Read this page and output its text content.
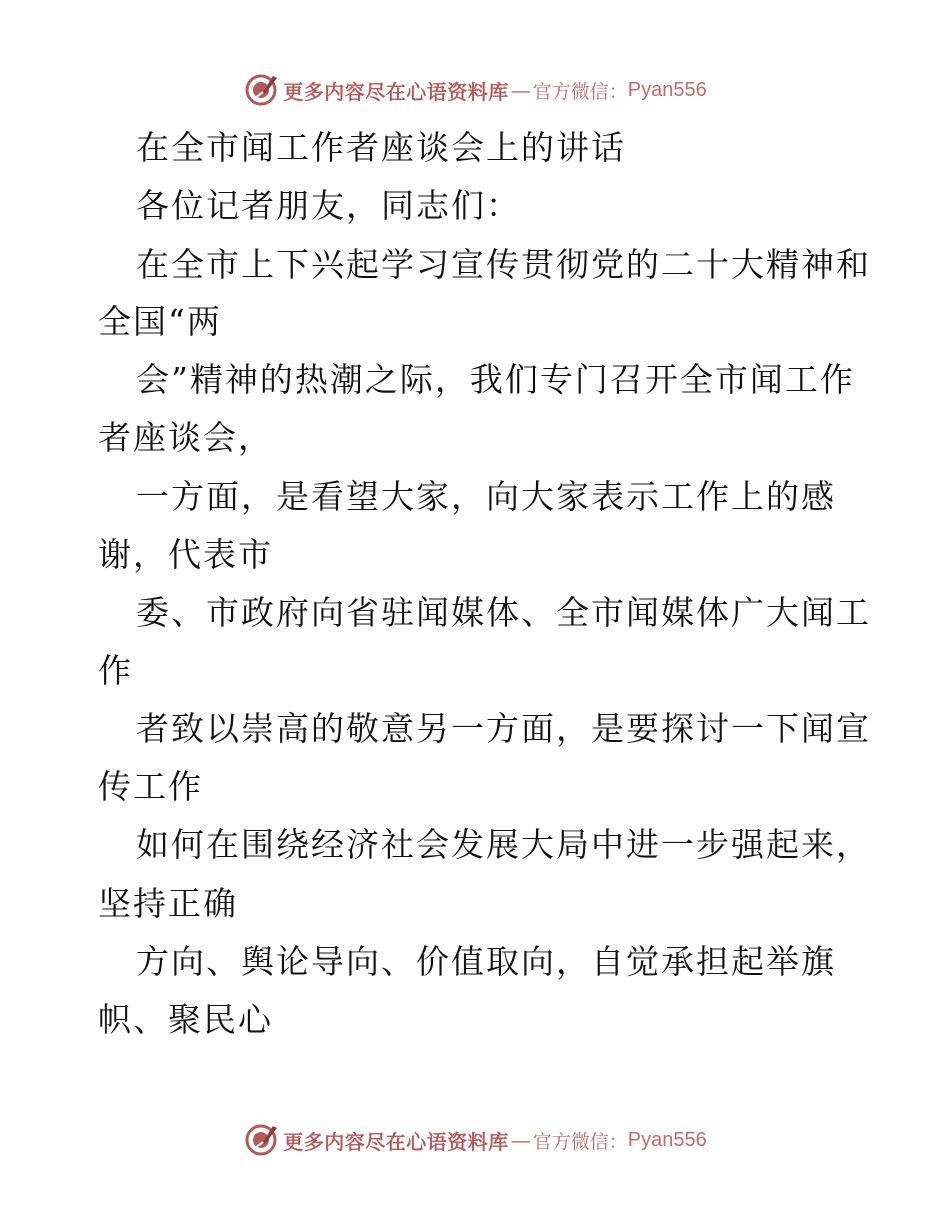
更多内容尽在心语资料库 — 官方微信： Pyan556
在全市闻工作者座谈会上的讲话
各位记者朋友，同志们：
在全市上下兴起学习宣传贯彻党的二十大精神和
全国“两
会”精神的热潮之际，我们专门召开全市闻工作
者座谈会，
一方面，是看望大家，向大家表示工作上的感
谢，代表市
委、市政府向省驻闻媒体、全市闻媒体广大闻工
作
者致以崇高的敬意另一方面，是要探讨一下闻宣
传工作
如何在围绕经济社会发展大局中进一步强起来，
坚持正确
方向、舆论导向、价值取向，自觉承担起举旗
帜、聚民心
更多内容尽在心语资料库 — 官方微信： Pyan556
